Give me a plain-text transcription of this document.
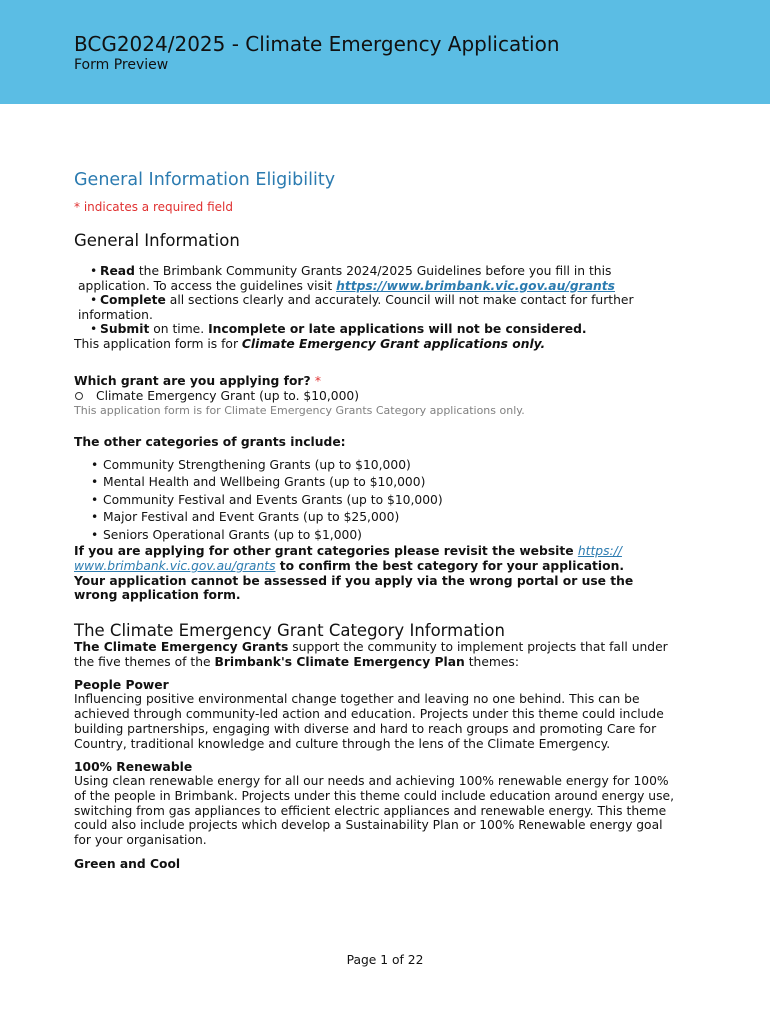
BCG2024/2025 - Climate Emergency Application
Form Preview
General Information Eligibility
* indicates a required field
General Information
• Read the Brimbank Community Grants 2024/2025 Guidelines before you fill in this
application. To access the guidelines visit https://www.brimbank.vic.gov.au/grants
• Complete all sections clearly and accurately. Council will not make contact for further
information.
• Submit on time. Incomplete or late applications will not be considered.

This application form is for Climate Emergency Grant applications only.

Which grant are you applying for? *
Climate Emergency Grant (up to. $10,000)
This application form is for Climate Emergency Grants Category applications only.
The other categories of grants include:
• Community Strengthening Grants (up to $10,000)
• Mental Health and Wellbeing Grants (up to $10,000)
• Community Festival and Events Grants (up to $10,000)
• Major Festival and Event Grants (up to $25,000)
• Seniors Operational Grants (up to $1,000)

If you are applying for other grant categories please revisit the website https://
www.brimbank.vic.gov.au/grants to confirm the best category for your application.

Your application cannot be assessed if you apply via the wrong portal or use the wrong application form.

The Climate Emergency Grant Category Information

The Climate Emergency Grants support the community to implement projects that fall under the five themes of the Brimbank's Climate Emergency Plan themes:

People Power

Influencing positive environmental change together and leaving no one behind. This can be achieved through community-led action and education. Projects under this theme could include building partnerships, engaging with diverse and hard to reach groups and promoting Care for Country, traditional knowledge and culture through the lens of the Climate Emergency.

100% Renewable

Using clean renewable energy for all our needs and achieving 100% renewable energy for 100% of the people in Brimbank. Projects under this theme could include education around energy use, switching from gas appliances to efficient electric appliances and renewable energy. This theme could also include projects which develop a Sustainability Plan or 100% Renewable energy goal for your organisation.

Green and Cool
Page 1 of 22
